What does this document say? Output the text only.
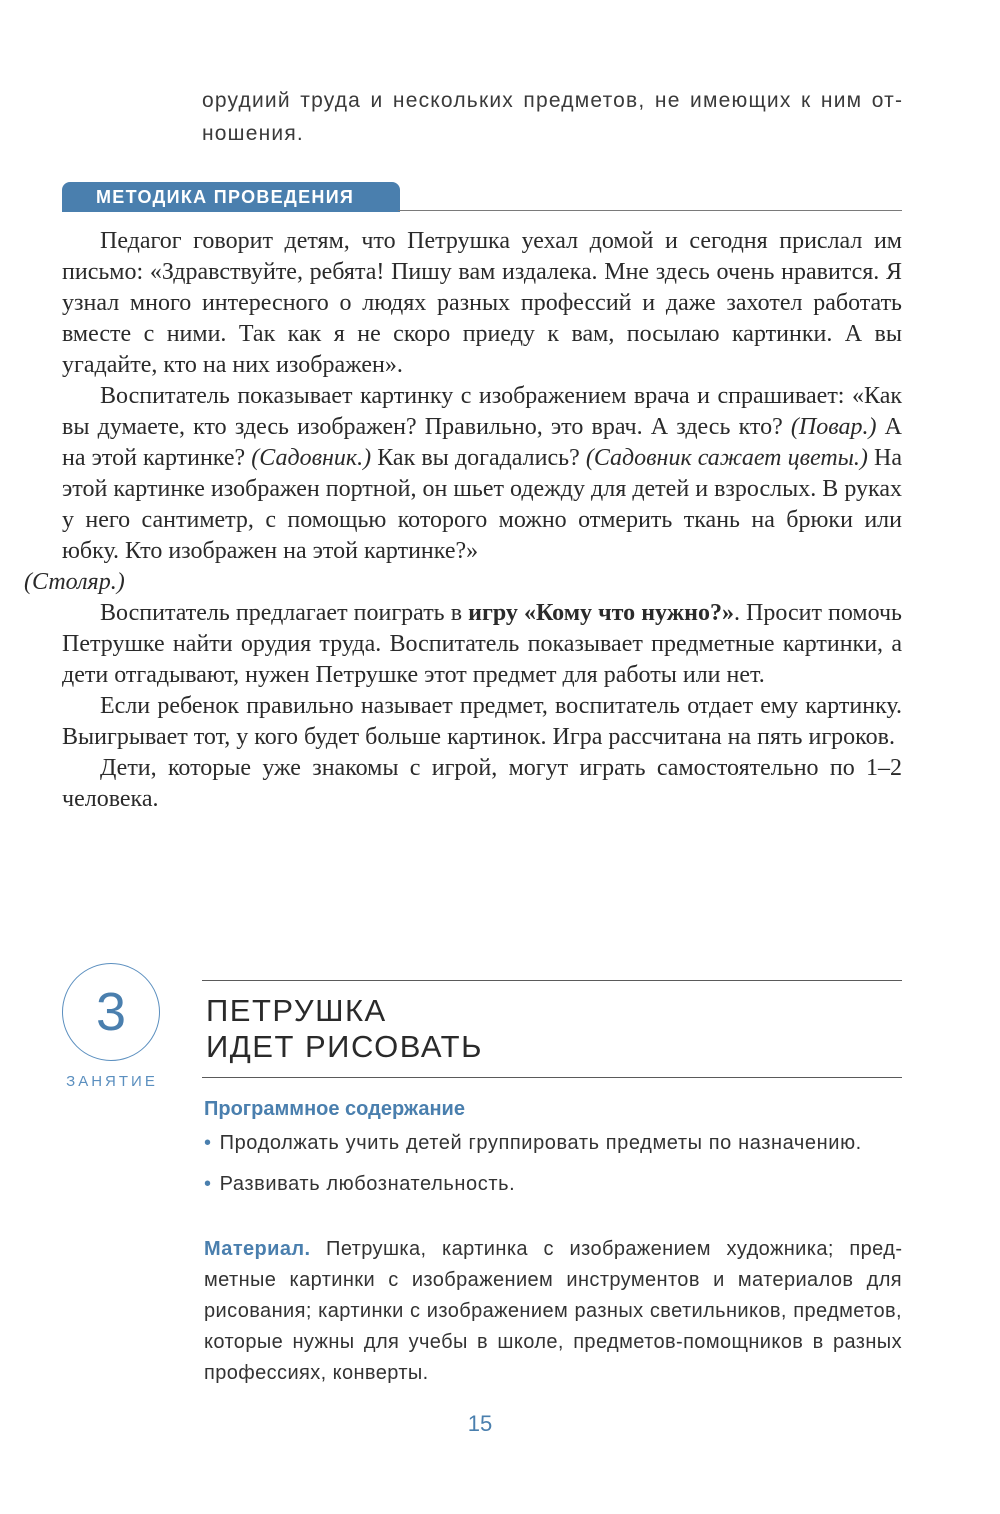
орудиий труда и нескольких предметов, не имеющих к ним отношения.
МЕТОДИКА ПРОВЕДЕНИЯ

Педагог говорит детям, что Петрушка уехал домой и сегодня прислал им письмо: «Здравствуйте, ребята! Пишу вам издалека. Мне здесь очень нравится. Я узнал много интересного о людях разных профессий и даже захотел работать вместе с ними. Так как я не скоро приеду к вам, посылаю картинки. А вы угадайте, кто на них изображен».

Воспитатель показывает картинку с изображением врача и спрашивает: «Как вы думаете, кто здесь изображен? Правильно, это врач. А здесь кто? (Повар.) А на этой картинке? (Садовник.) Как вы догадались? (Садовник сажает цветы.) На этой картинке изображен портной, он шьет одежду для детей и взрослых. В руках у него сантиметр, с помощью которого можно отмерить ткань на брюки или юбку. Кто изображен на этой картинке?»
(Столяр.)

Воспитатель предлагает поиграть в игру «Кому что нужно?». Просит помочь Петрушке найти орудия труда. Воспитатель показывает предметные картинки, а дети отгадывают, нужен Петрушке этот предмет для работы или нет.

Если ребенок правильно называет предмет, воспитатель отдает ему картинку. Выигрывает тот, у кого будет больше картинок. Игра рассчитана на пять игроков.

Дети, которые уже знакомы с игрой, могут играть самостоятельно по 1–2 человека.

3
ЗАНЯТИЕ
ПЕТРУШКА
ИДЕТ РИСОВАТЬ
Программное содержание
• Продолжать учить детей группировать предметы по назначению.
• Развивать любознательность.
Материал. Петрушка, картинка с изображением художника; предметные картинки с изображением инструментов и материалов для рисования; картинки с изображением разных светильников, предметов, которые нужны для учебы в школе, предметов-помощников в разных профессиях, конверты.
15
